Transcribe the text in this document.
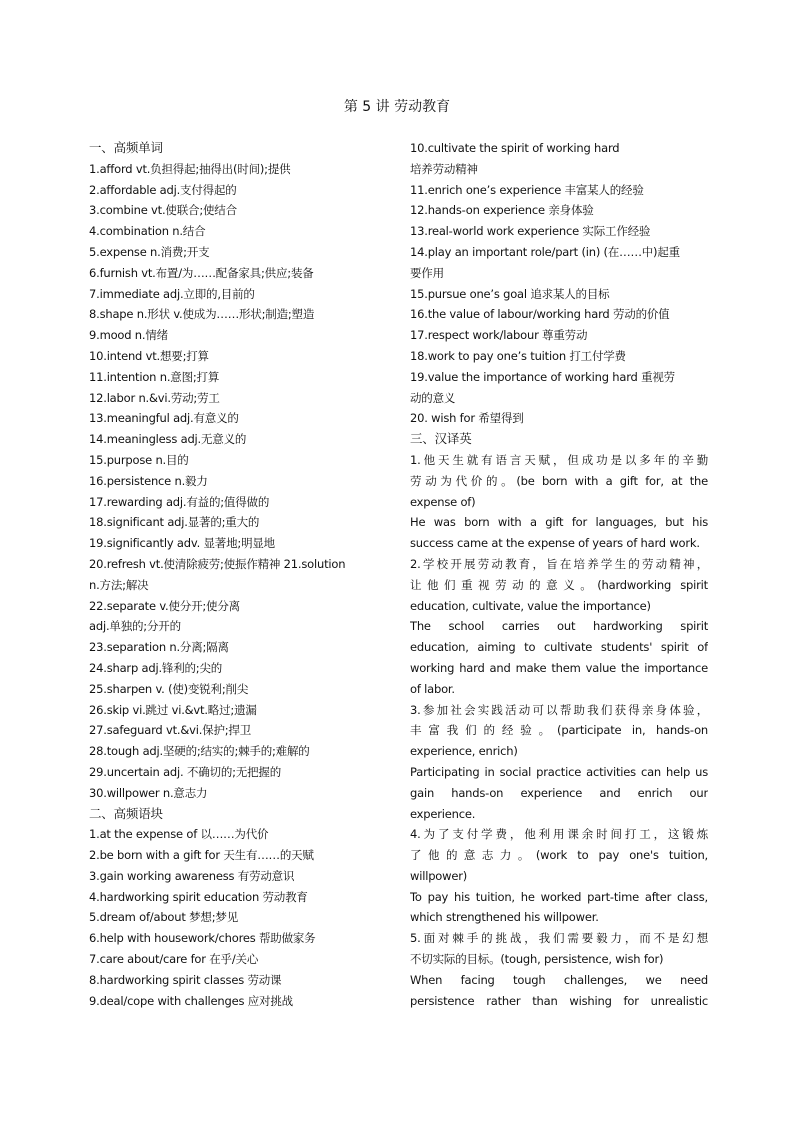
第 5 讲 劳动教育
一、高频单词
1.afford vt.负担得起;抽得出(时间);提供
2.affordable adj.支付得起的
3.combine vt.使联合;使结合
4.combination n.结合
5.expense n.消费;开支
6.furnish vt.布置/为……配备家具;供应;装备
7.immediate adj.立即的,目前的
8.shape n.形状 v.使成为……形状;制造;塑造
9.mood n.情绪
10.intend vt.想要;打算
11.intention n.意图;打算
12.labor n.&vi.劳动;劳工
13.meaningful adj.有意义的
14.meaningless adj.无意义的
15.purpose n.目的
16.persistence n.毅力
17.rewarding adj.有益的;值得做的
18.significant adj.显著的;重大的
19.significantly adv. 显著地;明显地
20.refresh vt.使清除疲劳;使振作精神 21.solution
n.方法;解决
22.separate v.使分开;使分离
adj.单独的;分开的
23.separation n.分离;隔离
24.sharp adj.锋利的;尖的
25.sharpen v. (使)变锐利;削尖
26.skip vi.跳过 vi.&vt.略过;遗漏
27.safeguard vt.&vi.保护;捍卫
28.tough adj.坚硬的;结实的;棘手的;难解的
29.uncertain adj. 不确切的;无把握的
30.willpower n.意志力
二、高频语块
1.at the expense of 以……为代价
2.be born with a gift for 天生有……的天赋
3.gain working awareness 有劳动意识
4.hardworking spirit education 劳动教育
5.dream of/about 梦想;梦见
6.help with housework/chores 帮助做家务
7.care about/care for 在乎/关心
8.hardworking spirit classes 劳动课
9.deal/cope with challenges 应对挑战
10.cultivate the spirit of working hard
培养劳动精神
11.enrich one’s experience 丰富某人的经验
12.hands-on experience 亲身体验
13.real-world work experience 实际工作经验
14.play an important role/part (in) (在……中)起重
要作用
15.pursue one’s goal 追求某人的目标
16.the value of labour/working hard 劳动的价值
17.respect work/labour 尊重劳动
18.work to pay one’s tuition 打工付学费
19.value the importance of working hard 重视劳
动的意义
20. wish for 希望得到
三、汉译英
1.他天生就有语言天赋，但成功是以多年的辛勤
劳动为代价的。(be born with a gift for, at the
expense of)
He was born with a gift for languages, but his
success came at the expense of years of hard work.
2.学校开展劳动教育，旨在培养学生的劳动精神，
让他们重视劳动的意义。(hardworking spirit
education, cultivate, value the importance)
The school carries out hardworking spirit
education, aiming to cultivate students' spirit of
working hard and make them value the importance
of labor.
3.参加社会实践活动可以帮助我们获得亲身体验，
丰富我们的经验。(participate in, hands-on
experience, enrich)
Participating in social practice activities can help us
gain hands-on experience and enrich our
experience.
4.为了支付学费，他利用课余时间打工，这锻炼
了他的意志力。(work to pay one's tuition,
willpower)
To pay his tuition, he worked part-time after class,
which strengthened his willpower.
5.面对棘手的挑战，我们需要毅力，而不是幻想
不切实际的目标。(tough, persistence, wish for)
When facing tough challenges, we need
persistence rather than wishing for unrealistic
